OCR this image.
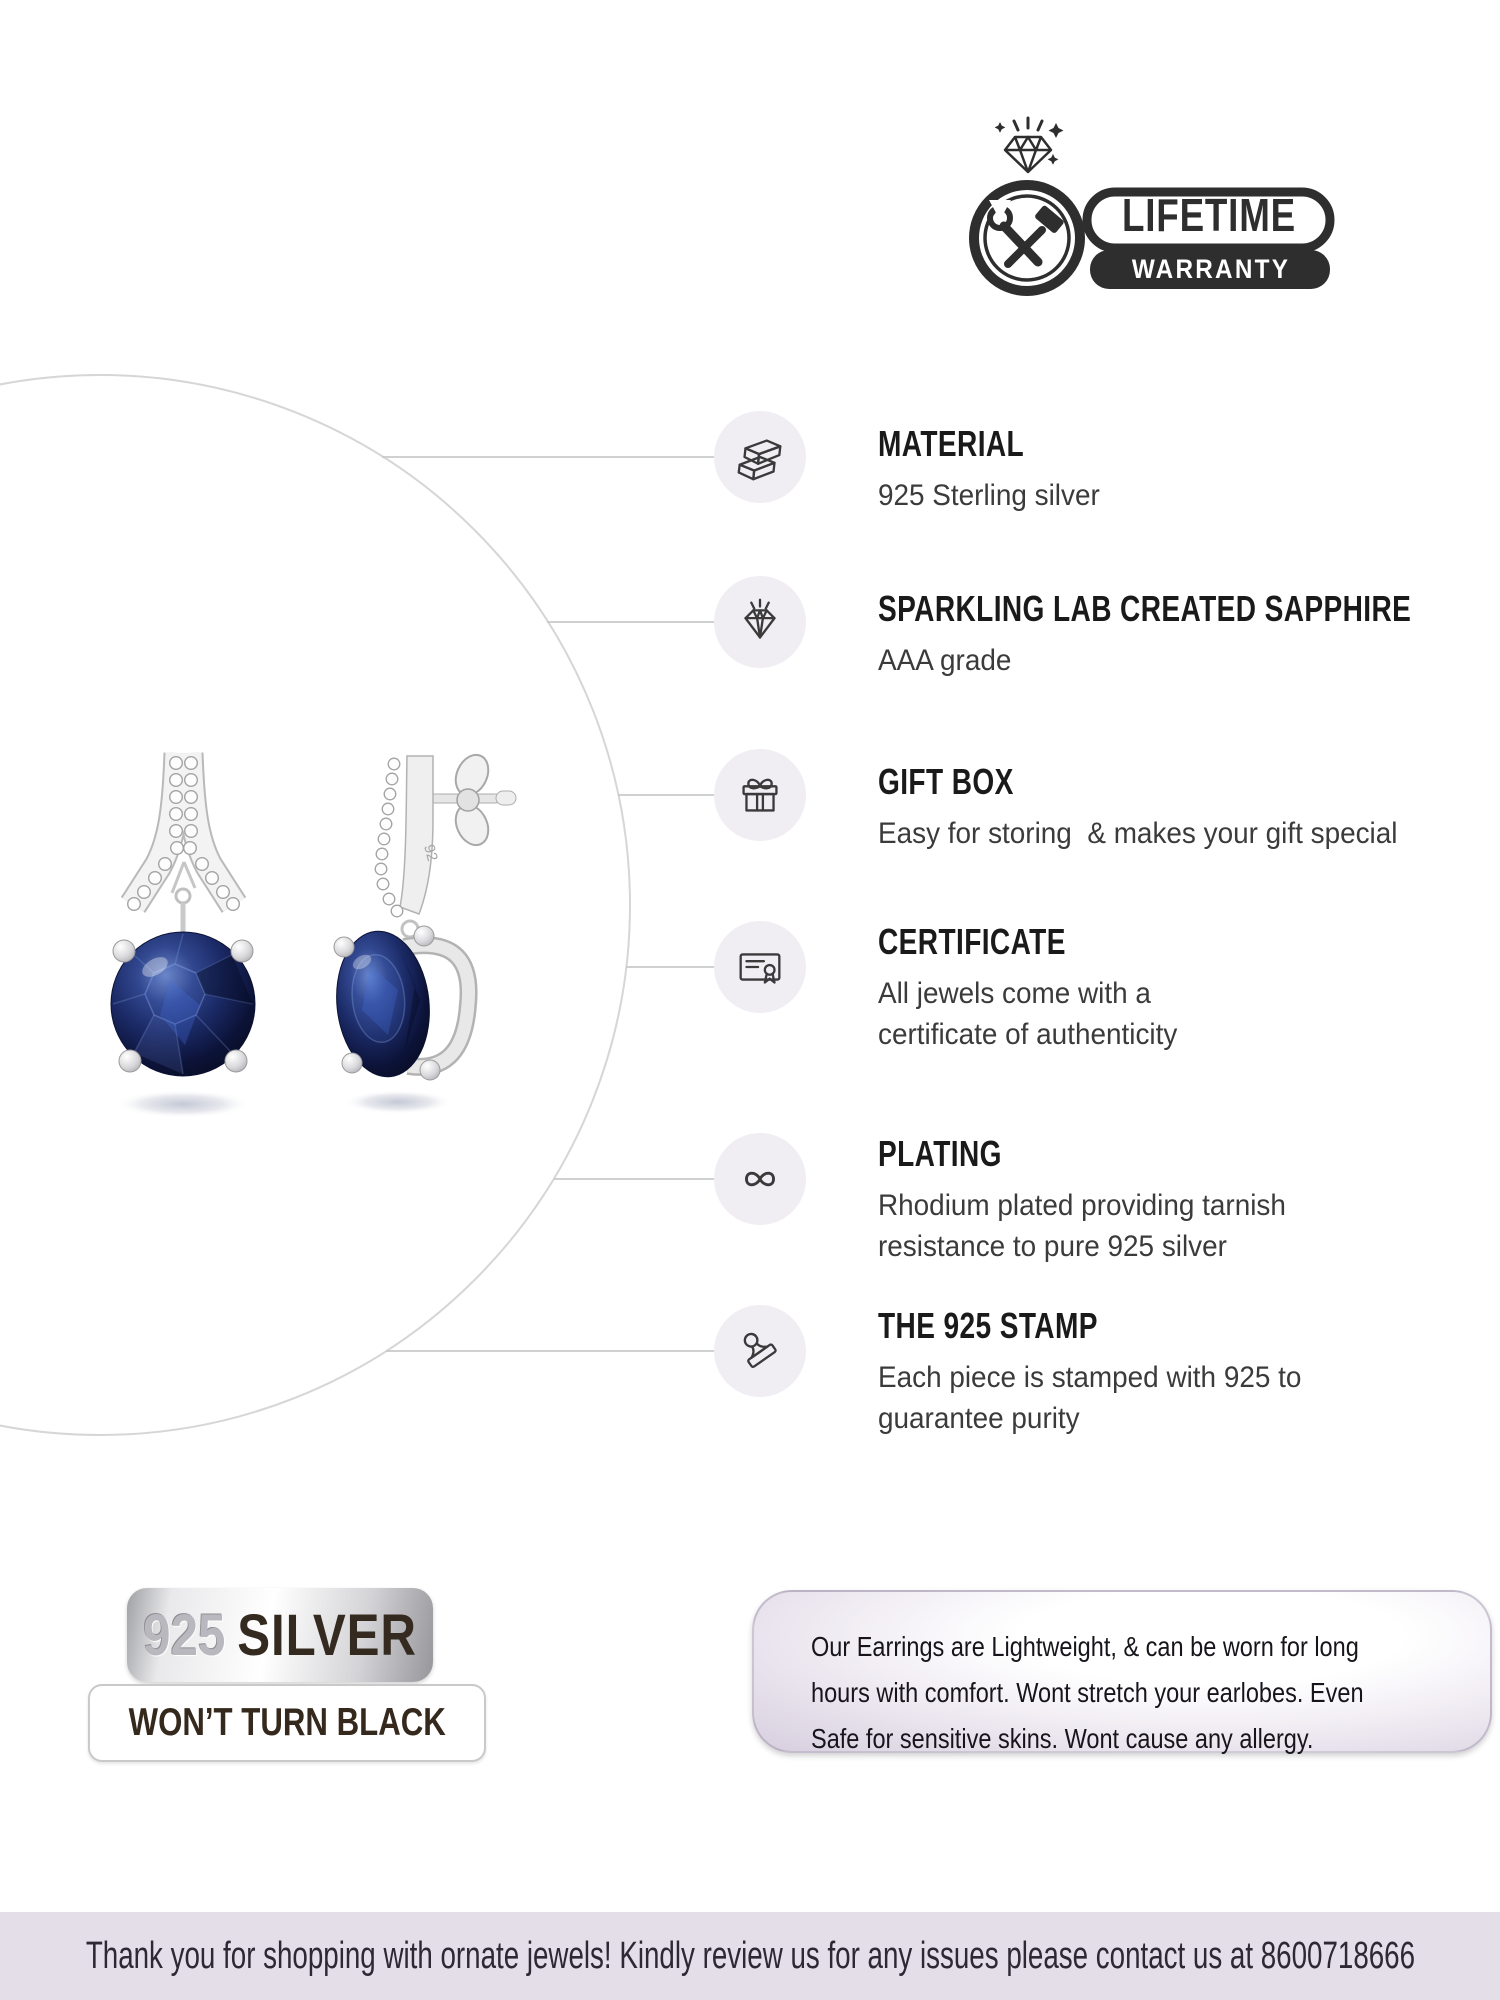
92
LIFETIME
WARRANTY
MATERIAL
925 Sterling silver
SPARKLING LAB CREATED SAPPHIRE
AAA grade
GIFT BOX
Easy for storing  & makes your gift special
CERTIFICATE
All jewels come with a
certificate of authenticity
PLATING
Rhodium plated providing tarnish
resistance to pure 925 silver
THE 925 STAMP
Each piece is stamped with 925 to
guarantee purity
925 SILVER
WON’T TURN BLACK
Our Earrings are Lightweight, & can be worn for long
hours with comfort. Wont stretch your earlobes. Even
Safe for sensitive skins. Wont cause any allergy.
Thank you for shopping with ornate jewels! Kindly review us for any issues please contact us at 8600718666
